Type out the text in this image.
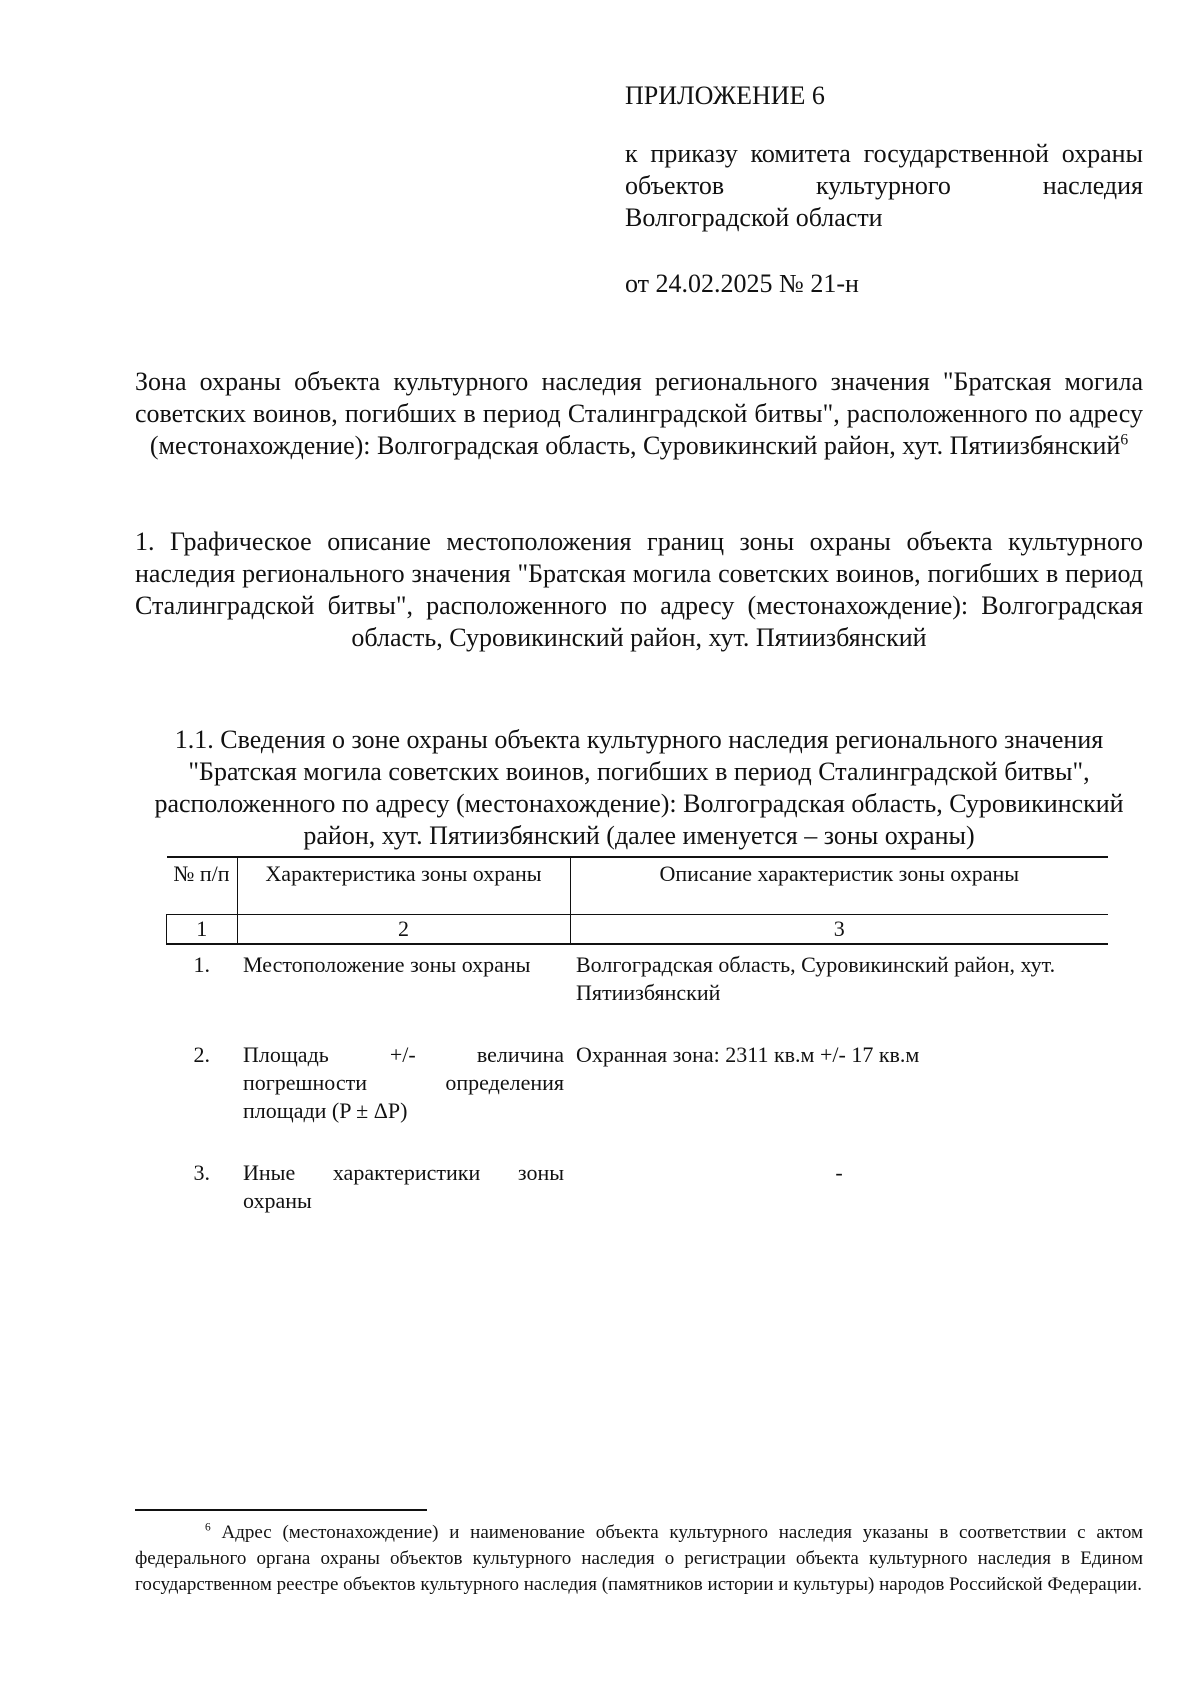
ПРИЛОЖЕНИЕ 6
к приказу комитета государственной охраны объектов культурного наследия Волгоградской области
от 24.02.2025 № 21-н
Зона охраны объекта культурного наследия регионального значения "Братская могила советских воинов, погибших в период Сталинградской битвы", расположенного по адресу (местонахождение): Волгоградская область, Суровикинский район, хут. Пятиизбянский$^6$
1. Графическое описание местоположения границ зоны охраны объекта культурного наследия регионального значения "Братская могила советских воинов, погибших в период Сталинградской битвы", расположенного по адресу (местонахождение): Волгоградская область, Суровикинский район, хут. Пятиизбянский
1.1. Сведения о зоне охраны объекта культурного наследия регионального значения "Братская могила советских воинов, погибших в период Сталинградской битвы", расположенного по адресу (местонахождение): Волгоградская область, Суровикинский район, хут. Пятиизбянский (далее именуется – зоны охраны)
№ п/п	Характеристика зоны охраны	Описание характеристик зоны охраны
1	2	3
1.	Местоположение зоны охраны	Волгоградская область, Суровикинский район, хут. Пятиизбянский
2.	Площадь +/- величина погрешности определения площади (P ± ΔP)	Охранная зона: 2311 кв.м +/- 17 кв.м
3.	Иные характеристики зоны охраны	-
$^6$ Адрес (местонахождение) и наименование объекта культурного наследия указаны в соответствии с актом федерального органа охраны объектов культурного наследия о регистрации объекта культурного наследия в Едином государственном реестре объектов культурного наследия (памятников истории и культуры) народов Российской Федерации.
